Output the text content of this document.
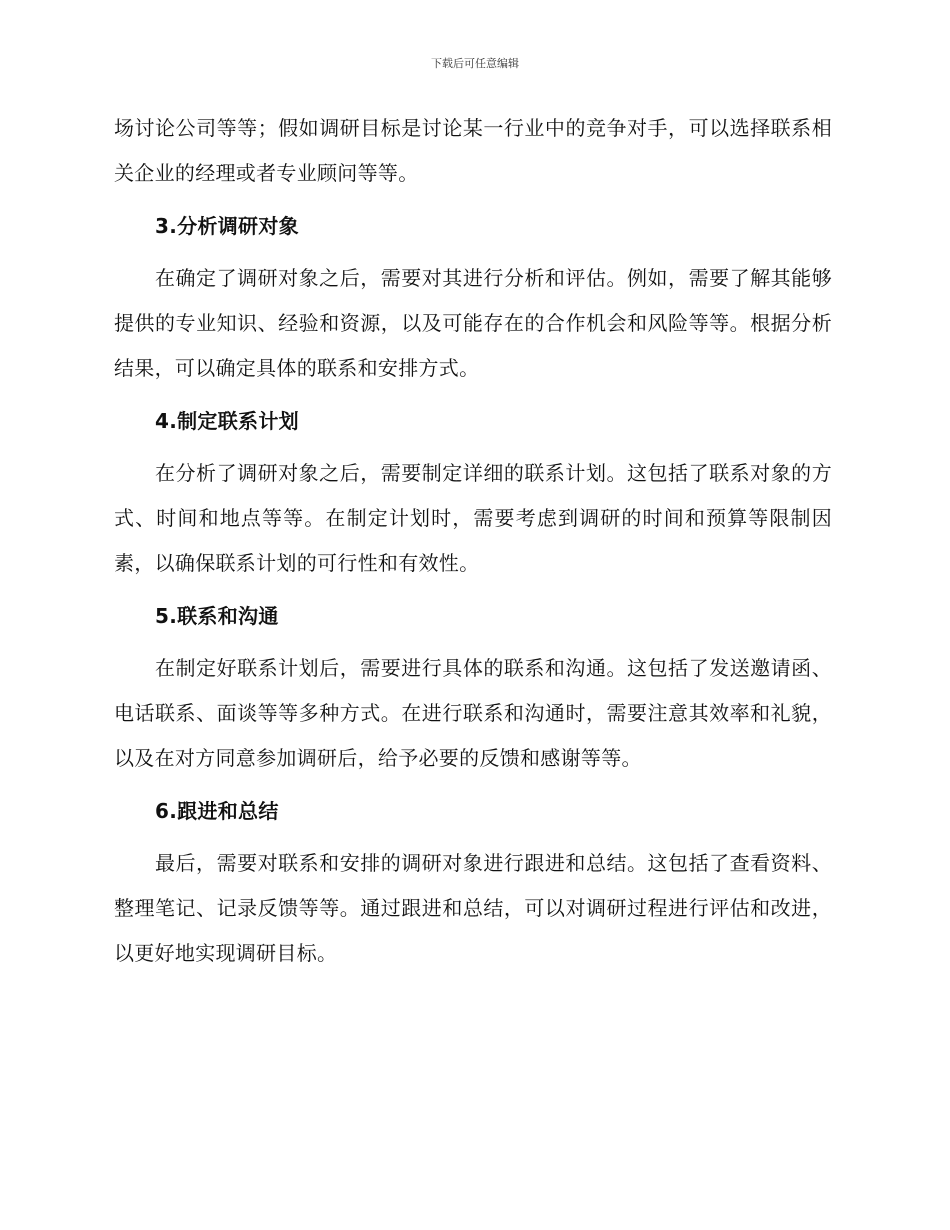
下载后可任意编辑

场讨论公司等等；假如调研目标是讨论某一行业中的竞争对手，可以选择联系相关企业的经理或者专业顾问等等。

3.分析调研对象

在确定了调研对象之后，需要对其进行分析和评估。例如，需要了解其能够提供的专业知识、经验和资源，以及可能存在的合作机会和风险等等。根据分析结果，可以确定具体的联系和安排方式。

4.制定联系计划

在分析了调研对象之后，需要制定详细的联系计划。这包括了联系对象的方式、时间和地点等等。在制定计划时，需要考虑到调研的时间和预算等限制因素，以确保联系计划的可行性和有效性。

5.联系和沟通

在制定好联系计划后，需要进行具体的联系和沟通。这包括了发送邀请函、电话联系、面谈等等多种方式。在进行联系和沟通时，需要注意其效率和礼貌，以及在对方同意参加调研后，给予必要的反馈和感谢等等。

6.跟进和总结

最后，需要对联系和安排的调研对象进行跟进和总结。这包括了查看资料、整理笔记、记录反馈等等。通过跟进和总结，可以对调研过程进行评估和改进，以更好地实现调研目标。
